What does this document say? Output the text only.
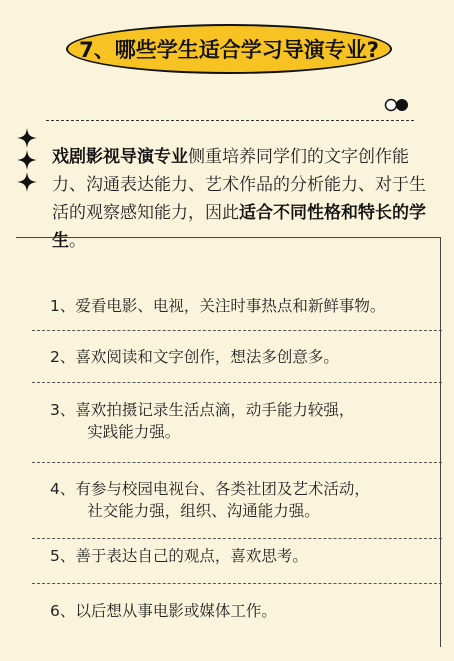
7、哪些学生适合学习导演专业?
戏剧影视导演专业侧重培养同学们的文字创作能力、沟通表达能力、艺术作品的分析能力、对于生活的观察感知能力，因此适合不同性格和特长的学生。
1、爱看电影、电视，关注时事热点和新鲜事物。
2、喜欢阅读和文字创作，想法多创意多。
3、喜欢拍摄记录生活点滴，动手能力较强，
实践能力强。
4、有参与校园电视台、各类社团及艺术活动，
社交能力强，组织、沟通能力强。
5、善于表达自己的观点，喜欢思考。
6、以后想从事电影或媒体工作。
